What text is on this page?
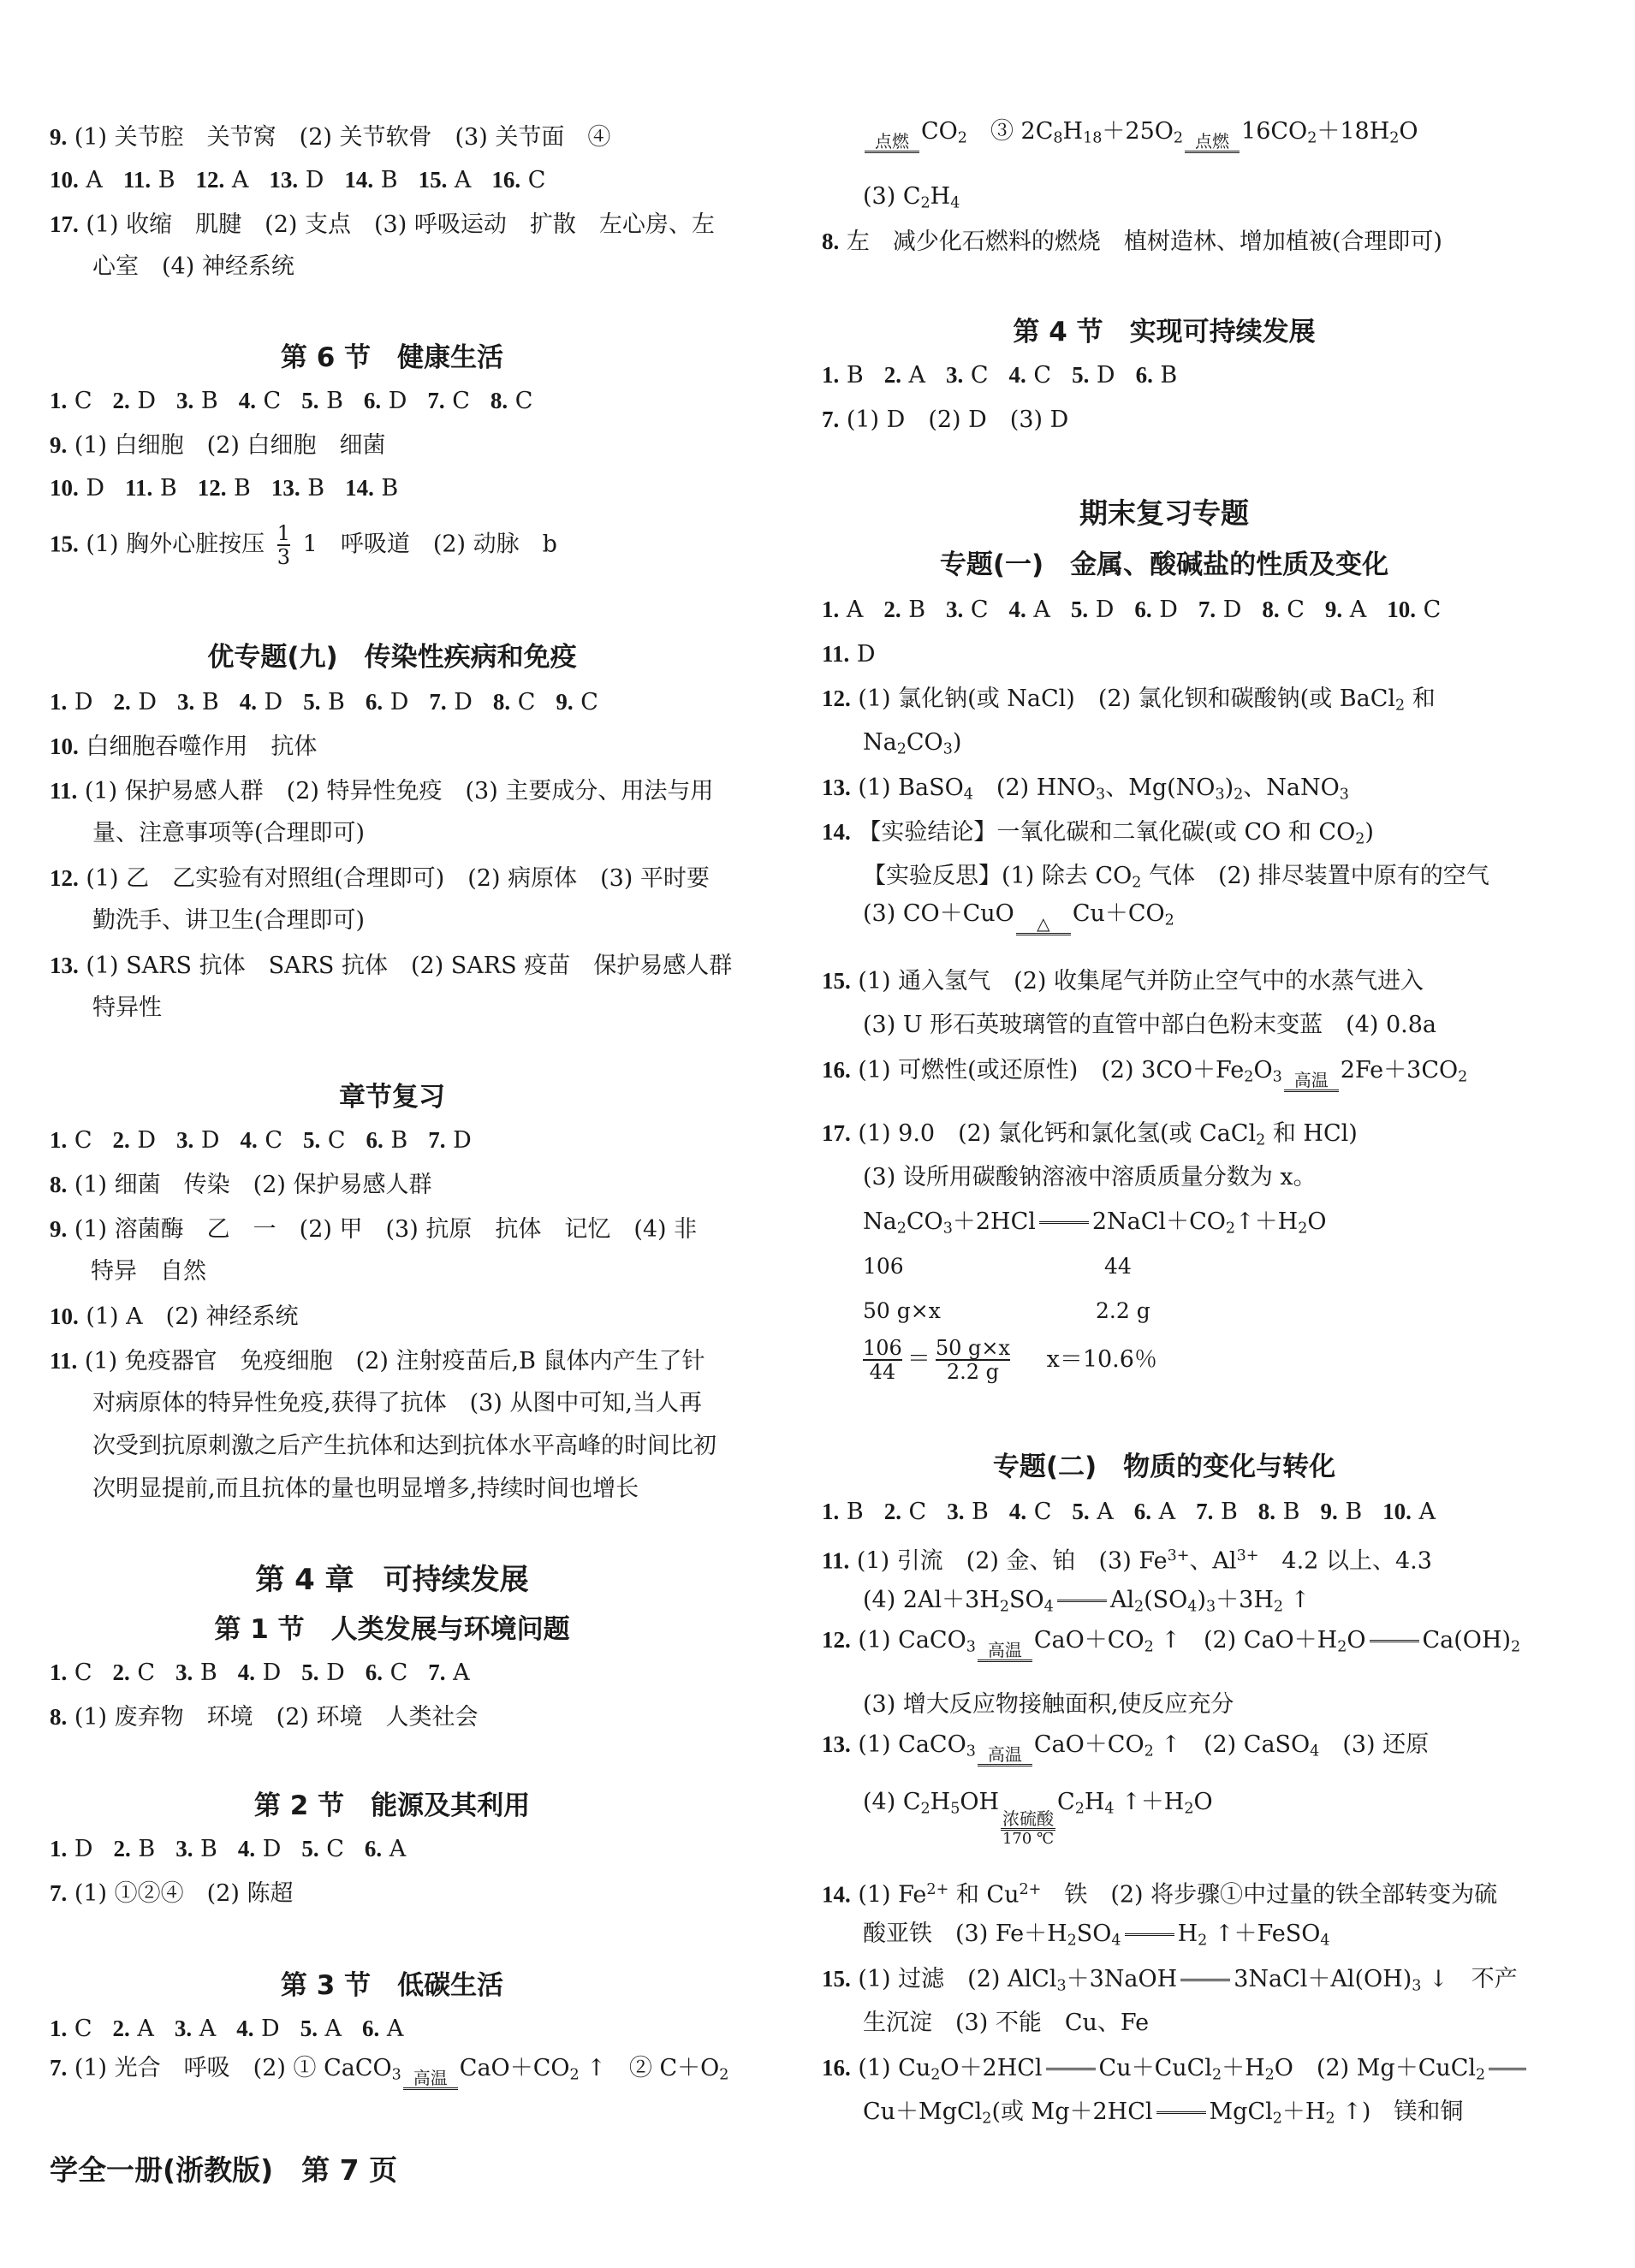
9. (1) 关节腔　关节窝　(2) 关节软骨　(3) 关节面　④
10. A 11. B 12. A 13. D 14. B 15. A 16. C
17. (1) 收缩　肌腱　(2) 支点　(3) 呼吸运动　扩散　左心房、左
心室　(4) 神经系统
第 6 节　健康生活
1. C 2. D 3. B 4. C 5. B 6. D 7. C 8. C
9. (1) 白细胞　(2) 白细胞　细菌
10. D 11. B 12. B 13. B 14. B
15. (1) 胸外心脏按压 $\frac{1}{3} 1$　呼吸道　(2) 动脉　b
优专题(九)　传染性疾病和免疫
1. D 2. D 3. B 4. D 5. B 6. D 7. D 8. C 9. C
10. 白细胞吞噬作用　抗体
11. (1) 保护易感人群　(2) 特异性免疫　(3) 主要成分、用法与用
量、注意事项等(合理即可)
12. (1) 乙　乙实验有对照组(合理即可)　(2) 病原体　(3) 平时要
勤洗手、讲卫生(合理即可)
13. (1) SARS 抗体　SARS 抗体　(2) SARS 疫苗　保护易感人群
特异性
章节复习
1. C 2. D 3. D 4. C 5. C 6. B 7. D
8. (1) 细菌　传染　(2) 保护易感人群
9. (1) 溶菌酶　乙　一　(2) 甲　(3) 抗原　抗体　记忆　(4) 非
特异　自然
10. (1) A　(2) 神经系统
11. (1) 免疫器官　免疫细胞　(2) 注射疫苗后,B 鼠体内产生了针
对病原体的特异性免疫,获得了抗体　(3) 从图中可知,当人再
次受到抗原刺激之后产生抗体和达到抗体水平高峰的时间比初
次明显提前,而且抗体的量也明显增多,持续时间也增长
第 4 章　可持续发展
第 1 节　人类发展与环境问题
1. C 2. C 3. B 4. D 5. D 6. C 7. A
8. (1) 废弃物　环境　(2) 环境　人类社会
第 2 节　能源及其利用
1. D 2. B 3. B 4. D 5. C 6. A
7. (1) ①②④　(2) 陈超
第 3 节　低碳生活
1. C 2. A 3. A 4. D 5. A 6. A
7. (1) 光合　呼吸　(2) ① CaCO$_3$ 高温 $CaO+CO_2$ ↑　② $C+O_2$
学全一册(浙教版)　第 7 页
点燃 $CO_2$　 ③ $2C_8H_{18}+25O_2$ 点燃 $16CO_2+18H_2O$
(3) $C_2H_4$
8. 左　减少化石燃料的燃烧　植树造林、增加植被(合理即可)
第 4 节　实现可持续发展
1. B 2. A 3. C 4. C 5. D 6. B
7. (1) D　(2) D　(3) D
期末复习专题
专题(一)　金属、酸碱盐的性质及变化
1. A 2. B 3. C 4. A 5. D 6. D 7. D 8. C 9. A 10. C
11. D
12. (1) 氯化钠(或 NaCl)　(2) 氯化钡和碳酸钠(或 BaCl$_2$ 和
$Na_2CO_3$)
13. (1) BaSO$_4$　(2) $HNO_3$、$Mg(NO_3)_2$、NaNO$_3$
14. 【实验结论】一氧化碳和二氧化碳(或 CO 和 $CO_2$)
【实验反思】(1) 除去 $CO_2$ 气体　(2) 排尽装置中原有的空气
(3) CO＋CuO △ $Cu+CO_2$
15. (1) 通入氢气　(2) 收集尾气并防止空气中的水蒸气进入
(3) U 形石英玻璃管的直管中部白色粉末变蓝　(4) 0.8a
16. (1) 可燃性(或还原性)　(2) $3CO+Fe_2O_3$ 高温 $2Fe+3CO_2$
17. (1) 9.0　(2) 氯化钙和氯化氢(或 CaCl$_2$ 和 HCl)
(3) 设所用碳酸钠溶液中溶质质量分数为 x。
$Na_2CO_3+2HCl$ $2NaCl+CO_2↑+H_2O$
106	44
50 g×x	2.2 g
$\frac{106}{44} = \frac{50 g\times x}{2.2 g} x=10.6$％
专题(二)　物质的变化与转化
1. B 2. C 3. B 4. C 5. A 6. A 7. B 8. B 9. B 10. A
11. (1) 引流　(2) 金、铂　(3) $Fe^{3+}$、$Al^{3+}$　4.2 以上、4.3
(4) $2Al+3H_2SO_4$ $Al_2(SO_4)_3+3H_2$ ↑
12. (1) CaCO$_3$ 高温 $CaO+CO_2$ ↑　(2) $CaO+H_2O$ $Ca(OH)_2$
(3) 增大反应物接触面积,使反应充分
13. (1) CaCO$_3$ 高温 $CaO+CO_2$ ↑　(2) CaSO$_4$　(3) 还原
(4) $C_2H_5OH$
浓硫酸
170 ℃
$C_2H_4$ $↑+H_2O$
14. (1) $Fe^{2+}$ 和 $Cu^{2+}$　铁　(2) 将步骤①中过量的铁全部转变为硫
酸亚铁　(3) $Fe+H_2SO_4$ $H_2$ ↑＋FeSO$_4$
15. (1) 过滤　(2) AlCl$_3$＋3NaOH $3NaCl+Al(OH)_3$ ↓　不产
生沉淀　(3) 不能　Cu、Fe
16. (1) $Cu_2O+2HCl$ $Cu+CuCl_2+H_2O$　(2) Mg＋CuCl$_2$
Cu＋MgCl$_2$(或 Mg＋2HCl $MgCl_2+H_2$ ↑)　镁和铜
